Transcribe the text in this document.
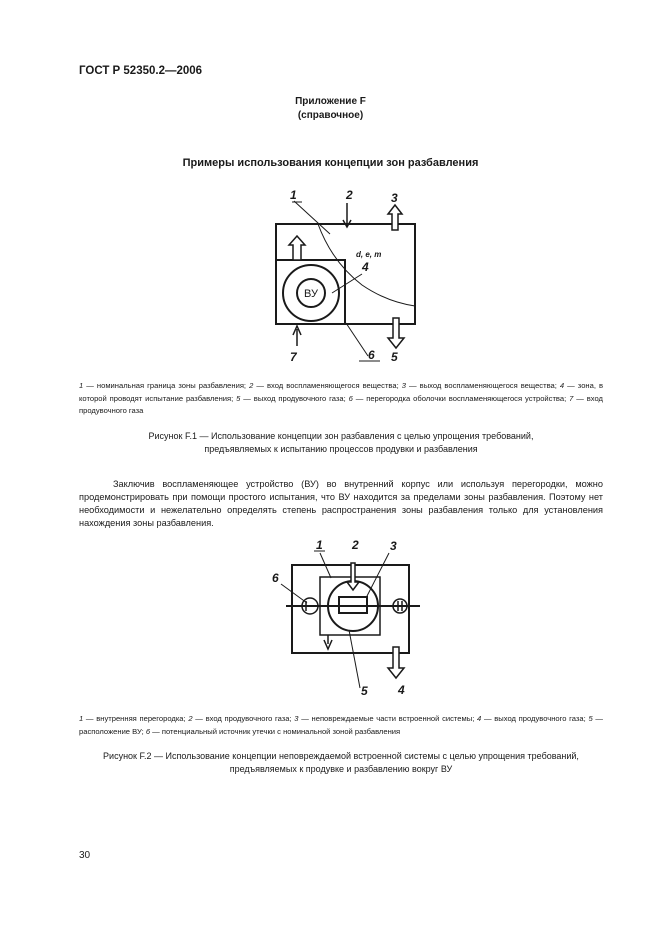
ГОСТ Р 52350.2—2006
Приложение F
(справочное)
Примеры использования концепции зон разбавления
1	2	3
4
5
6
7
d, e, m
ВУ
1 — номинальная граница зоны разбавления; 2 — вход воспламеняющегося вещества; 3 — выход воспламеняющегося вещества; 4 — зона, в которой проводят испытание разбавления; 5 — выход продувочного газа; 6 — перегородка оболочки воспламеняющегося устройства; 7 — вход продувочного газа
Рисунок F.1 — Использование концепции зон разбавления с целью упрощения требований,
предъявляемых к испытанию процессов продувки и разбавления
Заключив воспламеняющее устройство (ВУ) во внутренний корпус или используя перегородки, можно продемонстрировать при помощи простого испытания, что ВУ находится за пределами зоны разбавления. Поэтому нет необходимости и нежелательно определять степень распространения зоны разбавления только для установления нахождения зоны разбавления.
1 2	3
4
5
6
1 — внутренняя перегородка; 2 — вход продувочного газа; 3 — неповреждаемые части встроенной системы; 4 — выход продувочного газа; 5 — расположение ВУ; 6 — потенциальный источник утечки с номинальной зоной разбавления
Рисунок F.2 — Использование концепции неповреждаемой встроенной системы с целью упрощения требований,
предъявляемых к продувке и разбавлению вокруг ВУ
30
